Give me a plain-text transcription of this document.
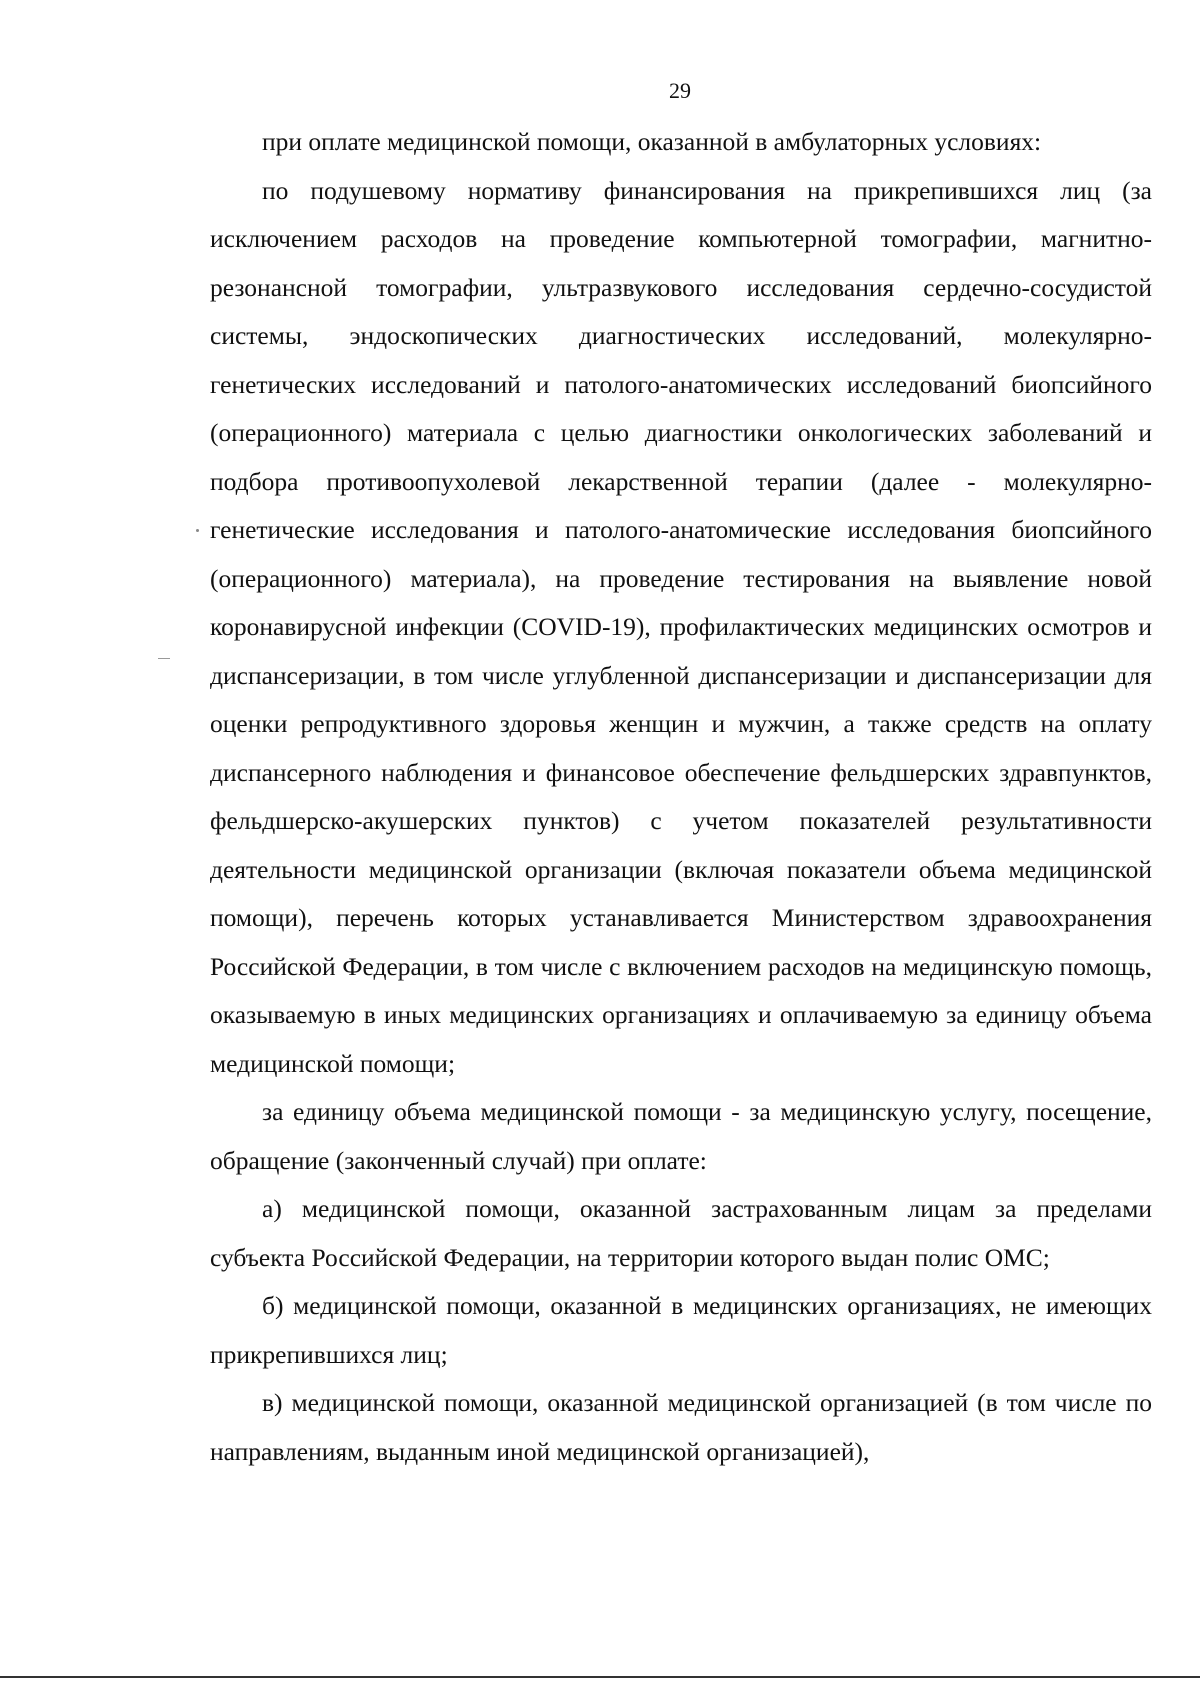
29

при оплате медицинской помощи, оказанной в амбулаторных условиях:

по подушевому нормативу финансирования на прикрепившихся лиц (за исключением расходов на проведение компьютерной томографии, магнитно-резонансной томографии, ультразвукового исследования сердечно-сосудистой системы, эндоскопических диагностических исследований, молекулярно-генетических исследований и патолого-анатомических исследований биопсийного (операционного) материала с целью диагностики онкологических заболеваний и подбора противоопухолевой лекарственной терапии (далее - молекулярно-генетические исследования и патолого-анатомические исследования биопсийного (операционного) материала), на проведение тестирования на выявление новой коронавирусной инфекции (COVID-19), профилактических медицинских осмотров и диспансеризации, в том числе углубленной диспансеризации и диспансеризации для оценки репродуктивного здоровья женщин и мужчин, а также средств на оплату диспансерного наблюдения и финансовое обеспечение фельдшерских здравпунктов, фельдшерско-акушерских пунктов) с учетом показателей результативности деятельности медицинской организации (включая показатели объема медицинской помощи), перечень которых устанавливается Министерством здравоохранения Российской Федерации, в том числе с включением расходов на медицинскую помощь, оказываемую в иных медицинских организациях и оплачиваемую за единицу объема медицинской помощи;

за единицу объема медицинской помощи - за медицинскую услугу, посещение, обращение (законченный случай) при оплате:

а) медицинской помощи, оказанной застрахованным лицам за пределами субъекта Российской Федерации, на территории которого выдан полис ОМС;

б) медицинской помощи, оказанной в медицинских организациях, не имеющих прикрепившихся лиц;

в) медицинской помощи, оказанной медицинской организацией (в том числе по направлениям, выданным иной медицинской организацией),
